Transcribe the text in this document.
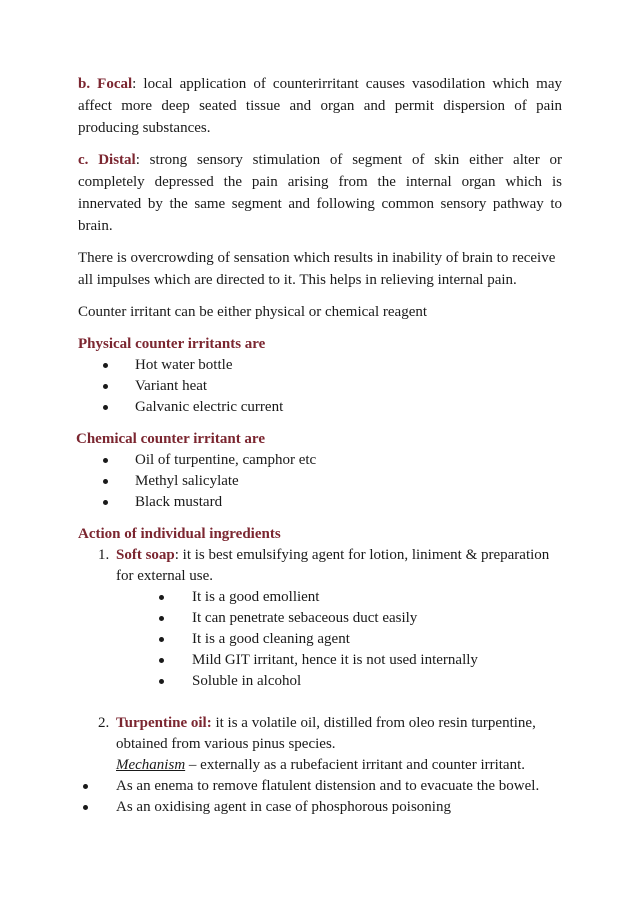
b. Focal: local application of counterirritant causes vasodilation which may affect more deep seated tissue and organ and permit dispersion of pain producing substances.

c. Distal: strong sensory stimulation of segment of skin either alter or completely depressed the pain arising from the internal organ which is innervated by the same segment and following common sensory pathway to brain.

There is overcrowding of sensation which results in inability of brain to receive all impulses which are directed to it. This helps in relieving internal pain.

Counter irritant can be either physical or chemical reagent

Physical counter irritants are

Hot water bottle
Variant heat
Galvanic electric current

Chemical counter irritant are

Oil of turpentine, camphor etc
Methyl salicylate
Black mustard

Action of individual ingredients

1. Soft soap: it is best emulsifying agent for lotion, liniment & preparation for external use.
It is a good emollient
It can penetrate sebaceous duct easily
It is a good cleaning agent
Mild GIT irritant, hence it is not used internally
Soluble in alcohol
2. Turpentine oil: it is a volatile oil, distilled from oleo resin turpentine, obtained from various pinus species.
Mechanism – externally as a rubefacient irritant and counter irritant.
As an enema to remove flatulent distension and to evacuate the bowel.
As an oxidising agent in case of phosphorous poisoning
